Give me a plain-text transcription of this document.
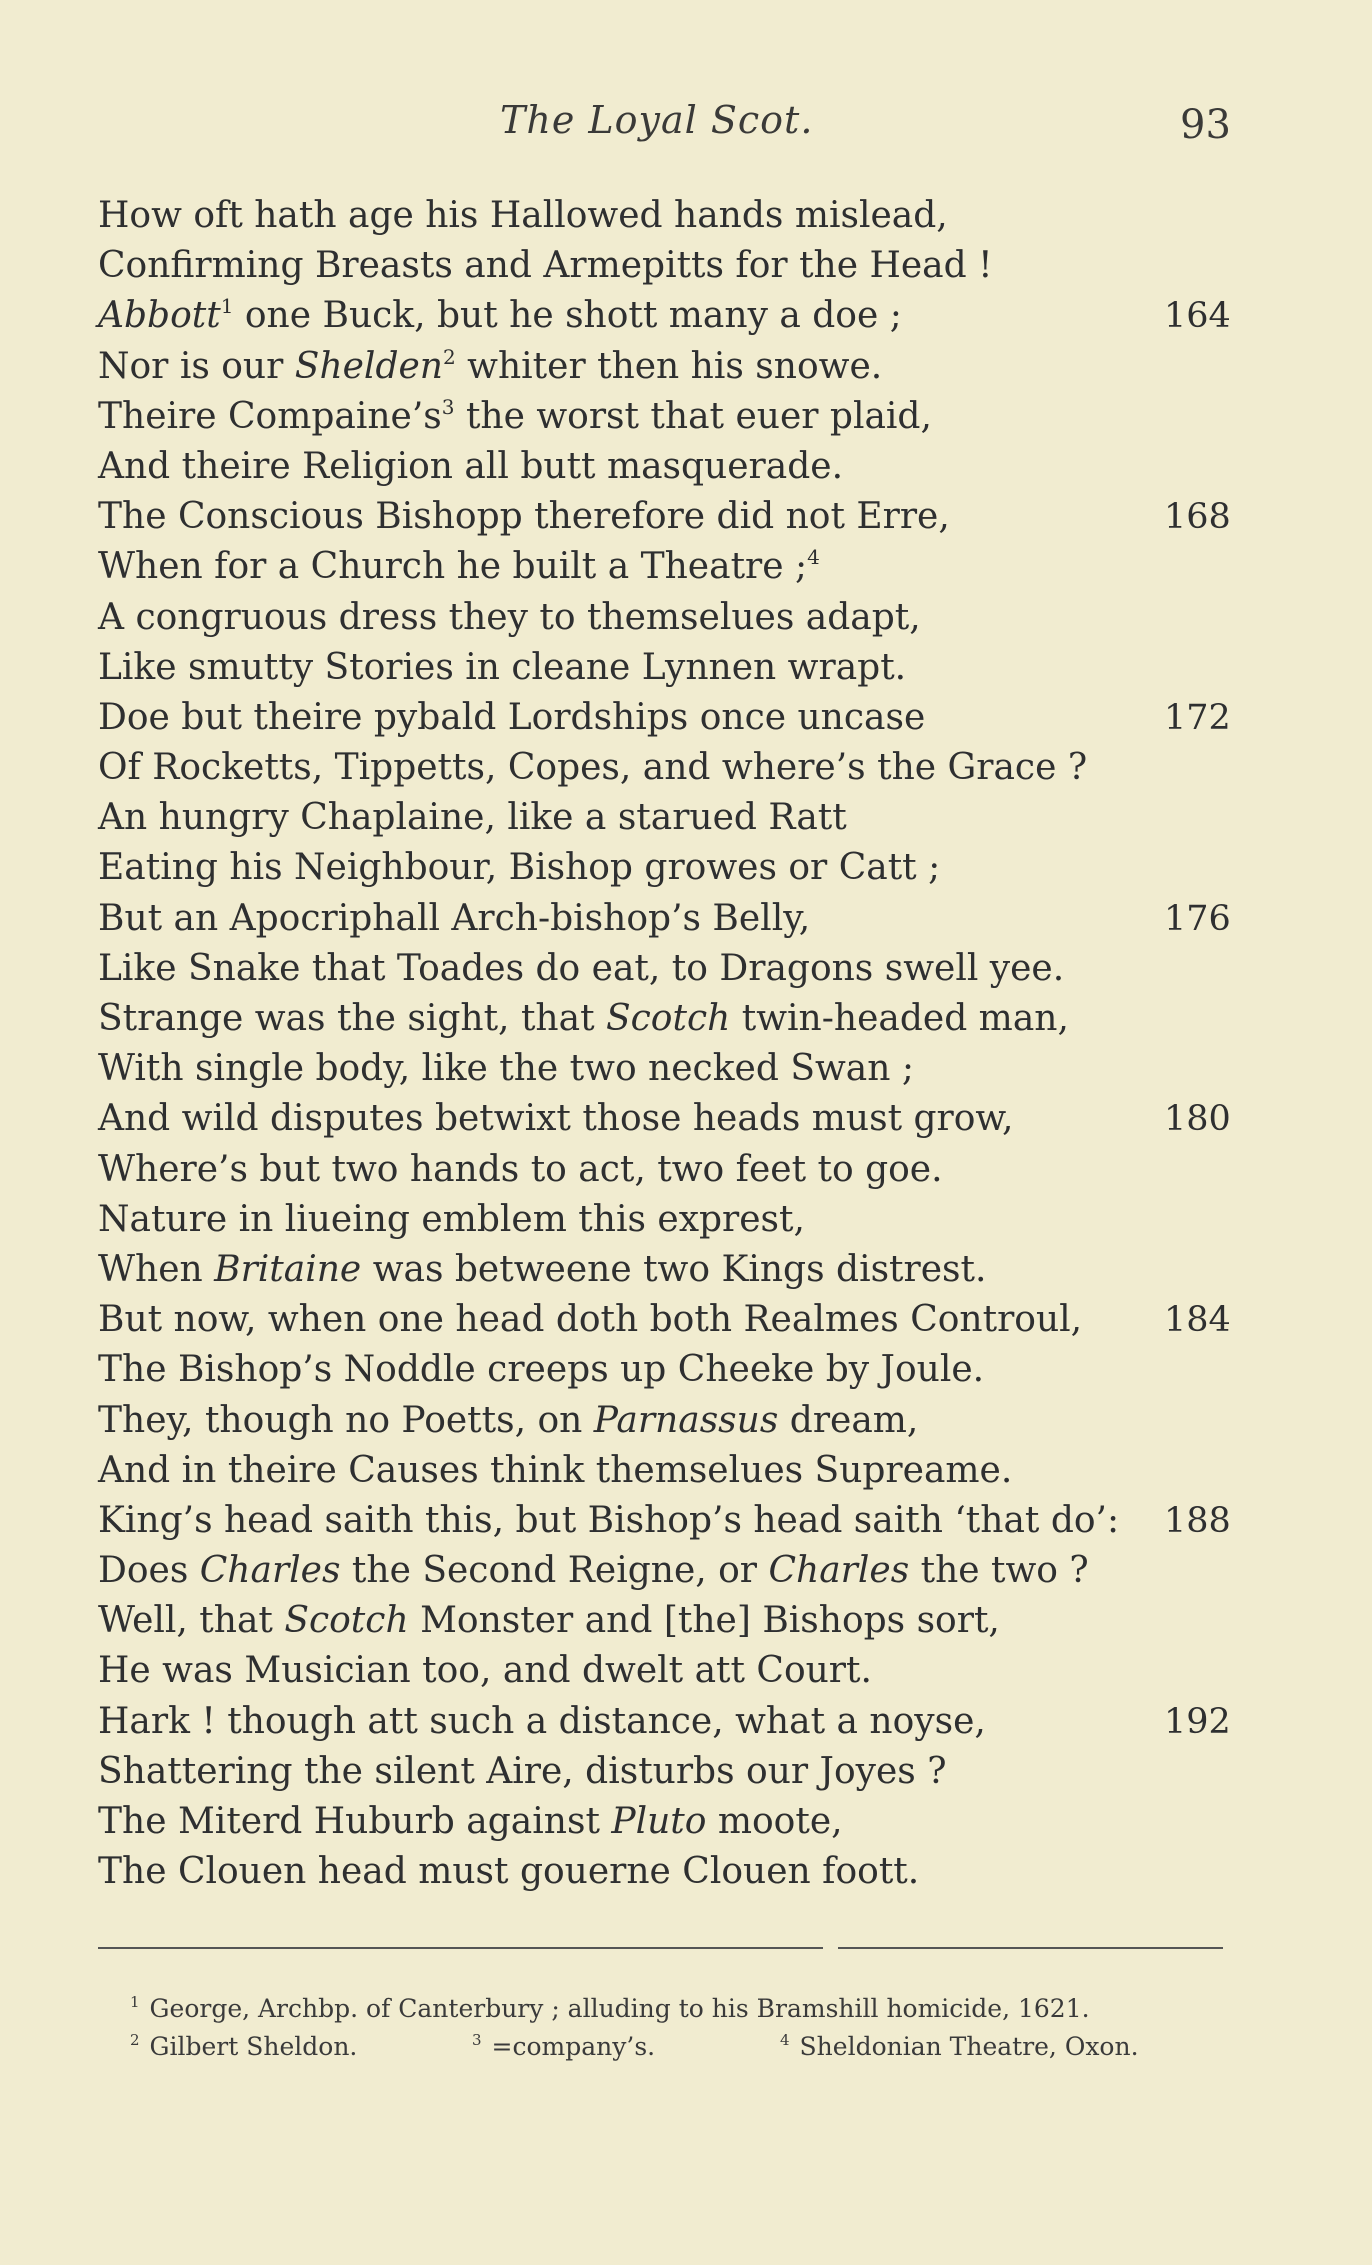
The Loyal Scot.	93
How oft hath age his Hallowed hands mislead,
Confirming Breasts and Armepitts for the Head !
Abbott$^1$ one Buck, but he shott many a doe ;	164
Nor is our Shelden$^2$ whiter then his snowe.
Theire $Compaine’s^3$ the worst that euer plaid,
And theire Religion all butt masquerade.
The Conscious Bishopp therefore did not Erre,	168
When for a Church he built a Theatre ;$^4$
A congruous dress they to themselues adapt,
Like smutty Stories in cleane Lynnen wrapt.
Doe but theire pybald Lordships once uncase	172
Of Rocketts, Tippetts, Copes, and where’s the Grace ?
An hungry Chaplaine, like a starued Ratt
Eating his Neighbour, Bishop growes or Catt ;
But an Apocriphall Arch-bishop’s Belly,	176
Like Snake that Toades do eat, to Dragons swell yee.
Strange was the sight, that Scotch twin-headed man,
With single body, like the two necked Swan ;
And wild disputes betwixt those heads must grow,	180
Where’s but two hands to act, two feet to goe.
Nature in liueing emblem this exprest,
When Britaine was betweene two Kings distrest.
But now, when one head doth both Realmes Controul, 184
The Bishop’s Noddle creeps up Cheeke by Joule.
They, though no Poetts, on Parnassus dream,
And in theire Causes think themselues Supreame.
King’s head saith this, but Bishop’s head saith ‘that do’: 188
Does Charles the Second Reigne, or Charles the two ?
Well, that Scotch Monster and [the] Bishops sort,
He was Musician too, and dwelt att Court.
Hark ! though att such a distance, what a noyse,	192
Shattering the silent Aire, disturbs our Joyes ?
The Miterd Huburb against Pluto moote,
The Clouen head must gouerne Clouen foott.
$^1$ George, Archbp. of Canterbury ; alluding to his Bramshill homicide, 1621.
$^2$ Gilbert Sheldon.	$^3$ =company’s.	$^4$ Sheldonian Theatre, Oxon.
